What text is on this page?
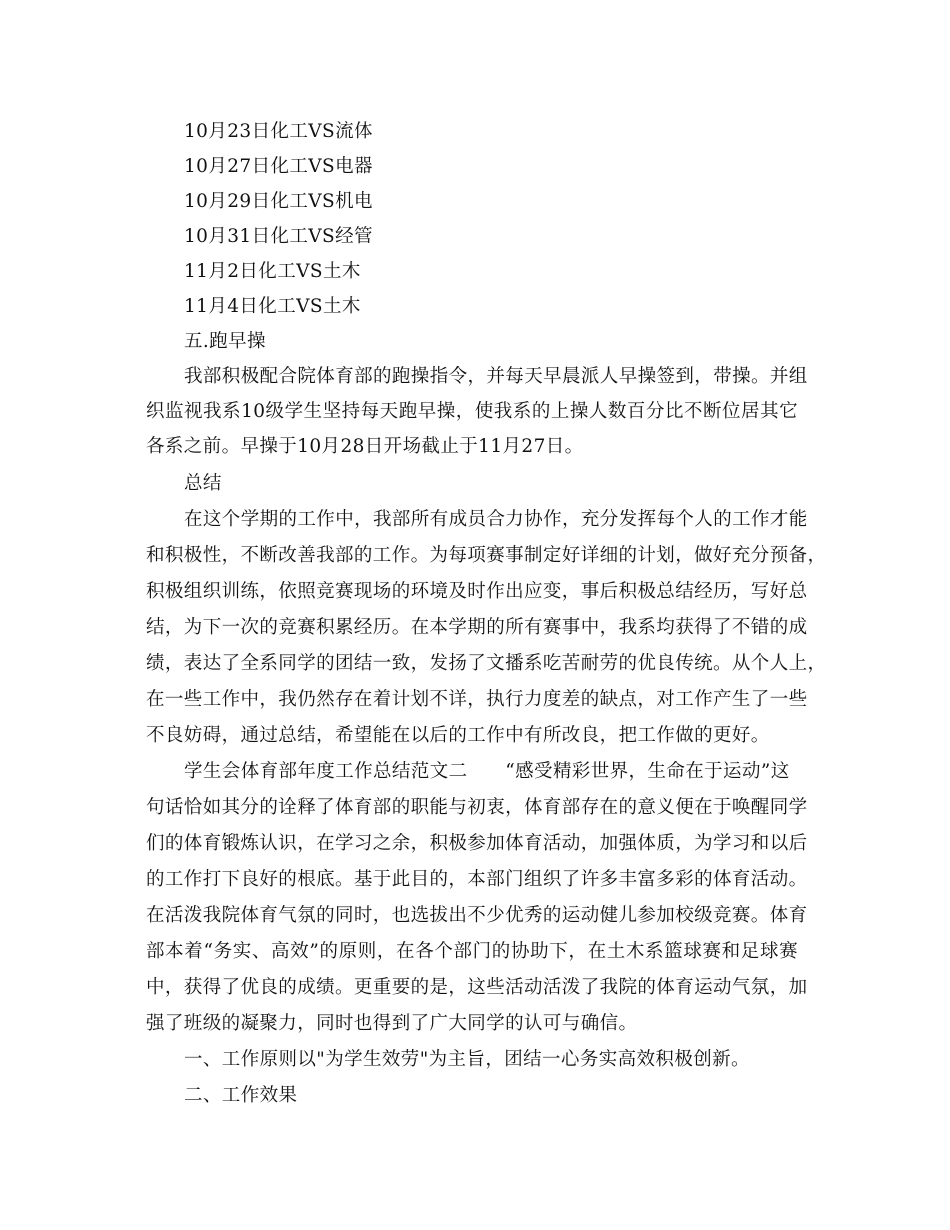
10月23日化工VS流体
10月27日化工VS电器
10月29日化工VS机电
10月31日化工VS经管
11月2日化工VS土木
11月4日化工VS土木
五.跑早操
我部积极配合院体育部的跑操指令，并每天早晨派人早操签到，带操。并组
织监视我系10级学生坚持每天跑早操，使我系的上操人数百分比不断位居其它
各系之前。早操于10月28日开场截止于11月27日。
总结
在这个学期的工作中，我部所有成员合力协作，充分发挥每个人的工作才能
和积极性，不断改善我部的工作。为每项赛事制定好详细的计划，做好充分预备，
积极组织训练，依照竞赛现场的环境及时作出应变，事后积极总结经历，写好总
结，为下一次的竞赛积累经历。在本学期的所有赛事中，我系均获得了不错的成
绩，表达了全系同学的团结一致，发扬了文播系吃苦耐劳的优良传统。从个人上，
在一些工作中，我仍然存在着计划不详，执行力度差的缺点，对工作产生了一些
不良妨碍，通过总结，希望能在以后的工作中有所改良，把工作做的更好。
学生会体育部年度工作总结范文二　　“感受精彩世界，生命在于运动”这
句话恰如其分的诠释了体育部的职能与初衷，体育部存在的意义便在于唤醒同学
们的体育锻炼认识，在学习之余，积极参加体育活动，加强体质，为学习和以后
的工作打下良好的根底。基于此目的，本部门组织了许多丰富多彩的体育活动。
在活泼我院体育气氛的同时，也选拔出不少优秀的运动健儿参加校级竞赛。体育
部本着“务实、高效”的原则，在各个部门的协助下，在土木系篮球赛和足球赛
中，获得了优良的成绩。更重要的是，这些活动活泼了我院的体育运动气氛，加
强了班级的凝聚力，同时也得到了广大同学的认可与确信。
一、工作原则以"为学生效劳"为主旨，团结一心务实高效积极创新。
二、工作效果
